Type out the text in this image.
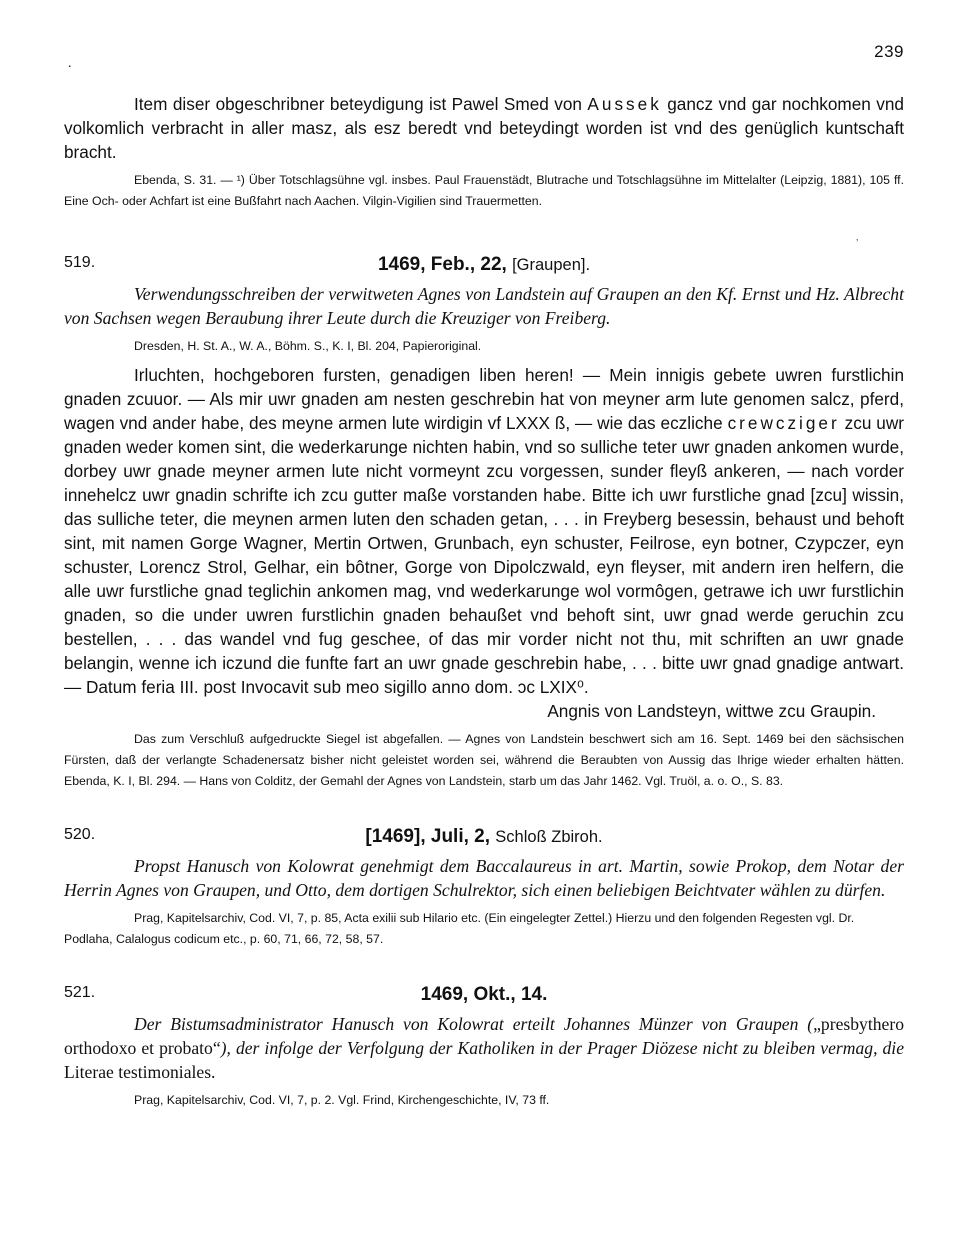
239
.
,

Item diser obgeschribner beteydigung ist Pawel Smed von Aussek gancz vnd gar nochkomen vnd volkomlich verbracht in aller masz, als esz beredt vnd beteydingt worden ist vnd des genüglich kuntschaft bracht.

Ebenda, S. 31. — ¹) Über Totschlagsühne vgl. insbes. Paul Frauenstädt, Blutrache und Totschlagsühne im Mittelalter (Leipzig, 1881), 105 ff. Eine Och- oder Achfart ist eine Bußfahrt nach Aachen. Vilgin-Vigilien sind Trauermetten.

519.	1469, Feb., 22, [Graupen].

Verwendungsschreiben der verwitweten Agnes von Landstein auf Graupen an den Kf. Ernst und Hz. Albrecht von Sachsen wegen Beraubung ihrer Leute durch die Kreuziger von Freiberg.

Dresden, H. St. A., W. A., Böhm. S., K. I, Bl. 204, Papieroriginal.

Irluchten, hochgeboren fursten, genadigen liben heren! — Mein innigis gebete uwren furstlichin gnaden zcuuor. — Als mir uwr gnaden am nesten geschrebin hat von meyner arm lute genomen salcz, pferd, wagen vnd ander habe, des meyne armen lute wirdigin vf LXXX ß, — wie das eczliche crewcziger zcu uwr gnaden weder komen sint, die wederkarunge nichten habin, vnd so sulliche teter uwr gnaden ankomen wurde, dorbey uwr gnade meyner armen lute nicht vormeynt zcu vorgessen, sunder fleyß ankeren, — nach vorder innehelcz uwr gnadin schrifte ich zcu gutter maße vorstanden habe. Bitte ich uwr furstliche gnad [zcu] wissin, das sulliche teter, die meynen armen luten den schaden getan, . . . in Freyberg besessin, behaust und behoft sint, mit namen Gorge Wagner, Mertin Ortwen, Grunbach, eyn schuster, Feilrose, eyn botner, Czypczer, eyn schuster, Lorencz Strol, Gelhar, ein bôtner, Gorge von Dipolczwald, eyn fleyser, mit andern iren helfern, die alle uwr furstliche gnad teglichin ankomen mag, vnd wederkarunge wol vormôgen, getrawe ich uwr furstlichin gnaden, so die under uwren furstlichin gnaden behaußet vnd behoft sint, uwr gnad werde geruchin zcu bestellen, . . . das wandel vnd fug geschee, of das mir vorder nicht not thu, mit schriften an uwr gnade belangin, wenne ich iczund die funfte fart an uwr gnade geschrebin habe, . . . bitte uwr gnad gnadige antwart. — Datum feria III. post Invocavit sub meo sigillo anno dom. ↄc LXIX⁰.

Angnis von Landsteyn, wittwe zcu Graupin.

Das zum Verschluß aufgedruckte Siegel ist abgefallen. — Agnes von Landstein beschwert sich am 16. Sept. 1469 bei den sächsischen Fürsten, daß der verlangte Schadenersatz bisher nicht geleistet worden sei, während die Beraubten von Aussig das Ihrige wieder erhalten hätten. Ebenda, K. I, Bl. 294. — Hans von Colditz, der Gemahl der Agnes von Landstein, starb um das Jahr 1462. Vgl. Truöl, a. o. O., S. 83.

520.	[1469], Juli, 2, Schloß Zbiroh.

Propst Hanusch von Kolowrat genehmigt dem Baccalaureus in art. Martin, sowie Prokop, dem Notar der Herrin Agnes von Graupen, und Otto, dem dortigen Schulrektor, sich einen beliebigen Beichtvater wählen zu dürfen.

Prag, Kapitelsarchiv, Cod. VI, 7, p. 85, Acta exilii sub Hilario etc. (Ein eingelegter Zettel.) Hierzu und den folgenden Regesten vgl. Dr. Podlaha, Calalogus codicum etc., p. 60, 71, 66, 72, 58, 57.

521.	1469, Okt., 14.

Der Bistumsadministrator Hanusch von Kolowrat erteilt Johannes Münzer von Graupen („presbythero orthodoxo et probato“), der infolge der Verfolgung der Katholiken in der Prager Diözese nicht zu bleiben vermag, die Literae testimoniales.

Prag, Kapitelsarchiv, Cod. VI, 7, p. 2. Vgl. Frind, Kirchengeschichte, IV, 73 ff.
